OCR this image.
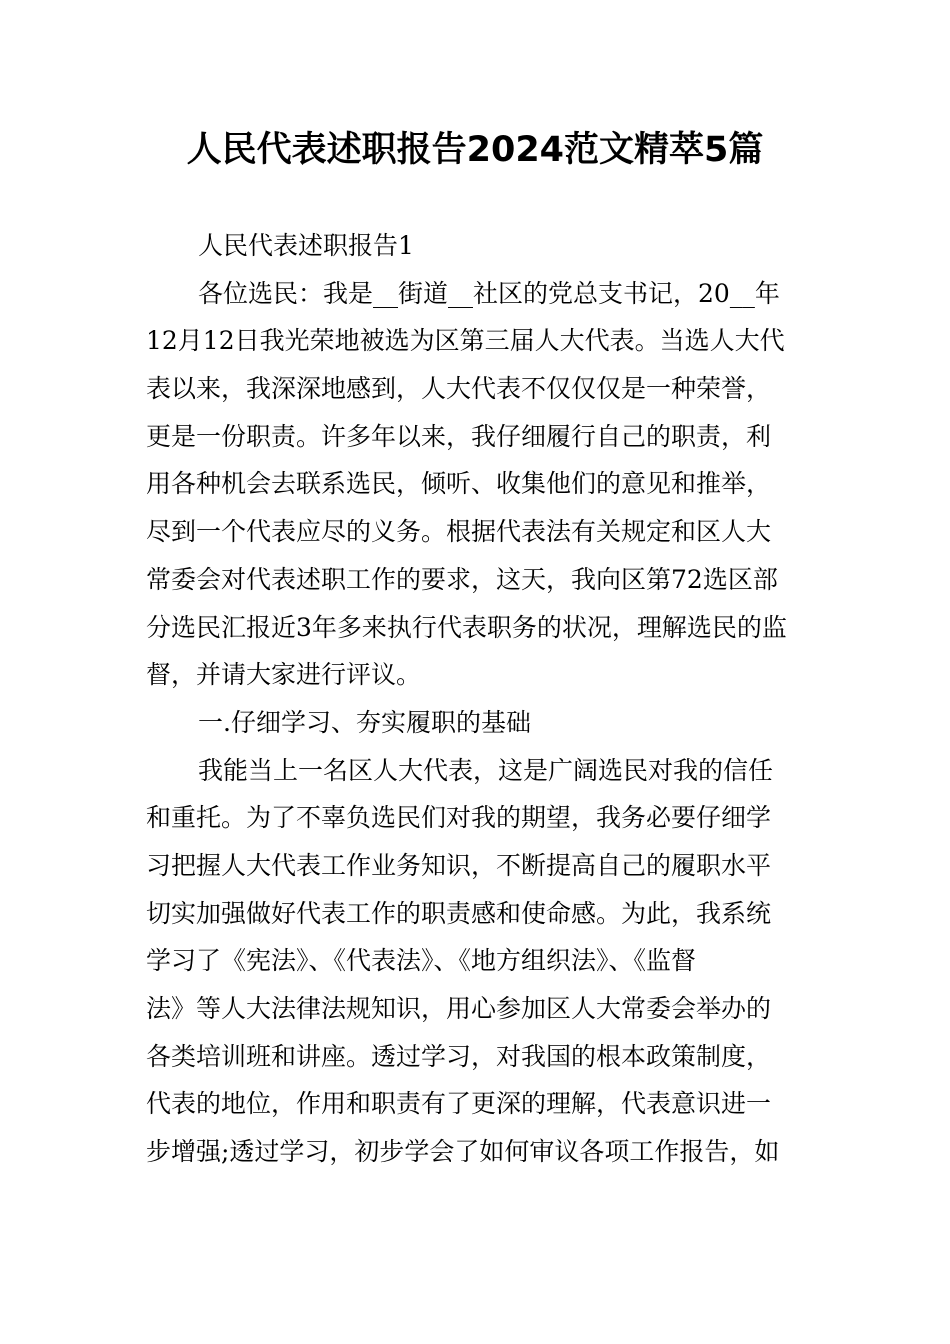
人民代表述职报告2024范文精萃5篇
人民代表述职报告1
各位选民：我是__街道__社区的党总支书记，20__年
12月12日我光荣地被选为区第三届人大代表。当选人大代
表以来，我深深地感到，人大代表不仅仅仅是一种荣誉，
更是一份职责。许多年以来，我仔细履行自己的职责，利
用各种机会去联系选民，倾听、收集他们的意见和推举，
尽到一个代表应尽的义务。根据代表法有关规定和区人大
常委会对代表述职工作的要求，这天，我向区第72选区部
分选民汇报近3年多来执行代表职务的状况，理解选民的监
督，并请大家进行评议。
一.仔细学习、夯实履职的基础
我能当上一名区人大代表，这是广阔选民对我的信任
和重托。为了不辜负选民们对我的期望，我务必要仔细学
习把握人大代表工作业务知识，不断提高自己的履职水平
切实加强做好代表工作的职责感和使命感。为此，我系统
学习了《宪法》、《代表法》、《地方组织法》、《监督
法》等人大法律法规知识，用心参加区人大常委会举办的
各类培训班和讲座。透过学习，对我国的根本政策制度，
代表的地位，作用和职责有了更深的理解，代表意识进一
步增强;透过学习，初步学会了如何审议各项工作报告，如
